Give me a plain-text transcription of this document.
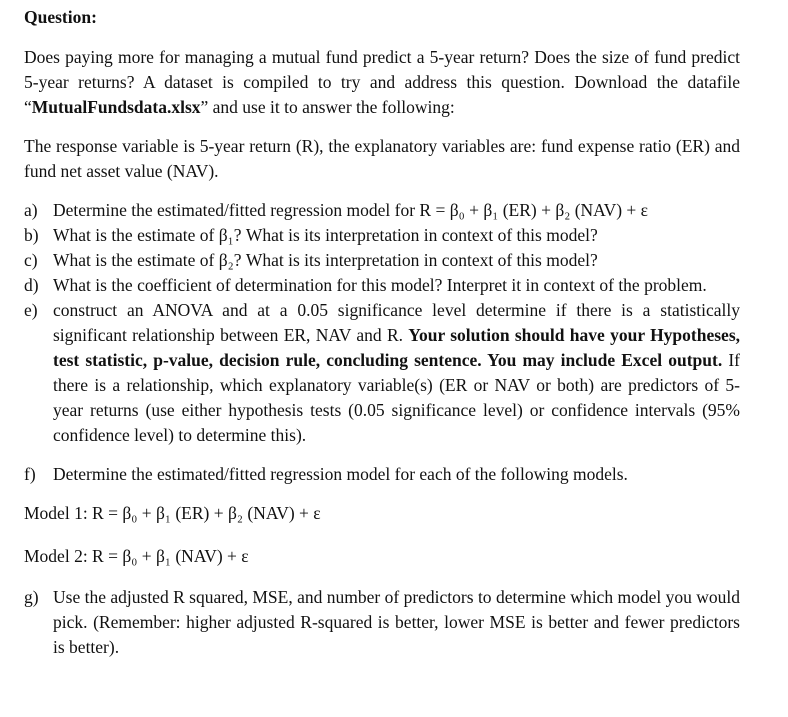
Question:

Does paying more for managing a mutual fund predict a 5-year return? Does the size of fund predict 5-year returns? A dataset is compiled to try and address this question. Download the datafile “MutualFundsdata.xlsx” and use it to answer the following:

The response variable is 5-year return (R), the explanatory variables are: fund expense ratio (ER) and fund net asset value (NAV).

a) Determine the estimated/fitted regression model for R = β₀ + β₁ (ER) + β₂ (NAV) + ε
b) What is the estimate of β₁? What is its interpretation in context of this model?
c) What is the estimate of β₂? What is its interpretation in context of this model?
d) What is the coefficient of determination for this model? Interpret it in context of the problem.
e) construct an ANOVA and at a 0.05 significance level determine if there is a statistically significant relationship between ER, NAV and R. Your solution should have your Hypotheses, test statistic, p-value, decision rule, concluding sentence. You may include Excel output. If there is a relationship, which explanatory variable(s) (ER or NAV or both) are predictors of 5-year returns (use either hypothesis tests (0.05 significance level) or confidence intervals (95% confidence level) to determine this).
f) Determine the estimated/fitted regression model for each of the following models.

Model 1: R = β₀ + β₁ (ER) + β₂ (NAV) + ε

Model 2: R = β₀ + β₁ (NAV) + ε

g) Use the adjusted R squared, MSE, and number of predictors to determine which model you would pick. (Remember: higher adjusted R-squared is better, lower MSE is better and fewer predictors is better).
